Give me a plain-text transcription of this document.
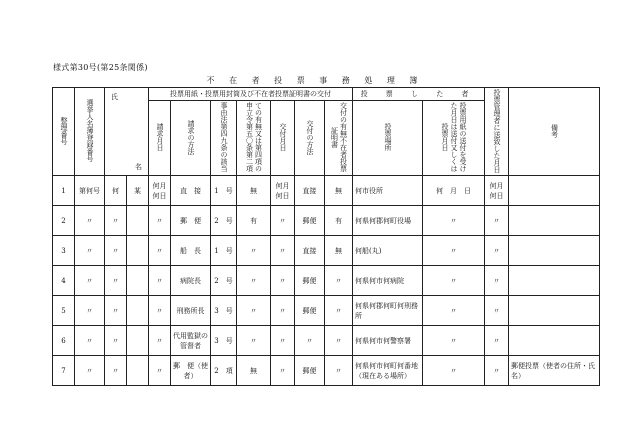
様式第30号(第25条関係)
不 在 者 投 票 事 務 処 理 簿
整理番号	選挙人名簿登録番号	氏
名		投票用紙・投票用封筒及び不在者投票証明書の交付							投 票 し た 者		投票管理者に送致した月日	備考
				請求月日	請求の方法	事由法第四九条の該当	ての有無又は第四項の申立令第五〇条第二項	交付月日	交付の方法	交付の有無不在者投票証明書	投票場所	投票用紙の送付を受けた月日は送付又しくは投票月日		
1	第何号	何	某	何月 何日	直　接	1　号	無	何月 何日	直接	無	何市役所	何　月　日	何月 何日	
2	〃	〃		〃	郵　便	2　号	有	〃	郵便	有	何県何郡何町役場	〃	〃	
3	〃	〃		〃	船　長	1　号	〃	〃	直接	無	何船(丸)	〃	〃	
4	〃	〃		〃	病院長	2　号	〃	〃	郵便	〃	何県何市何病院	〃	〃	
5	〃	〃		〃	刑務所長	3　号	〃	〃	郵便	〃	何県何郡何町何刑務所	〃	〃	
6	〃	〃		〃	代用監獄の管督者	3　号	〃	〃	〃	〃	何県何市何警察署	〃	〃	
7	〃	〃		〃	郵　便（使者）	2　項	無	〃	郵便	〃	何県何市何町何番地（現在ある場所）	〃	〃	郵便投票（使者の住所・氏名）
